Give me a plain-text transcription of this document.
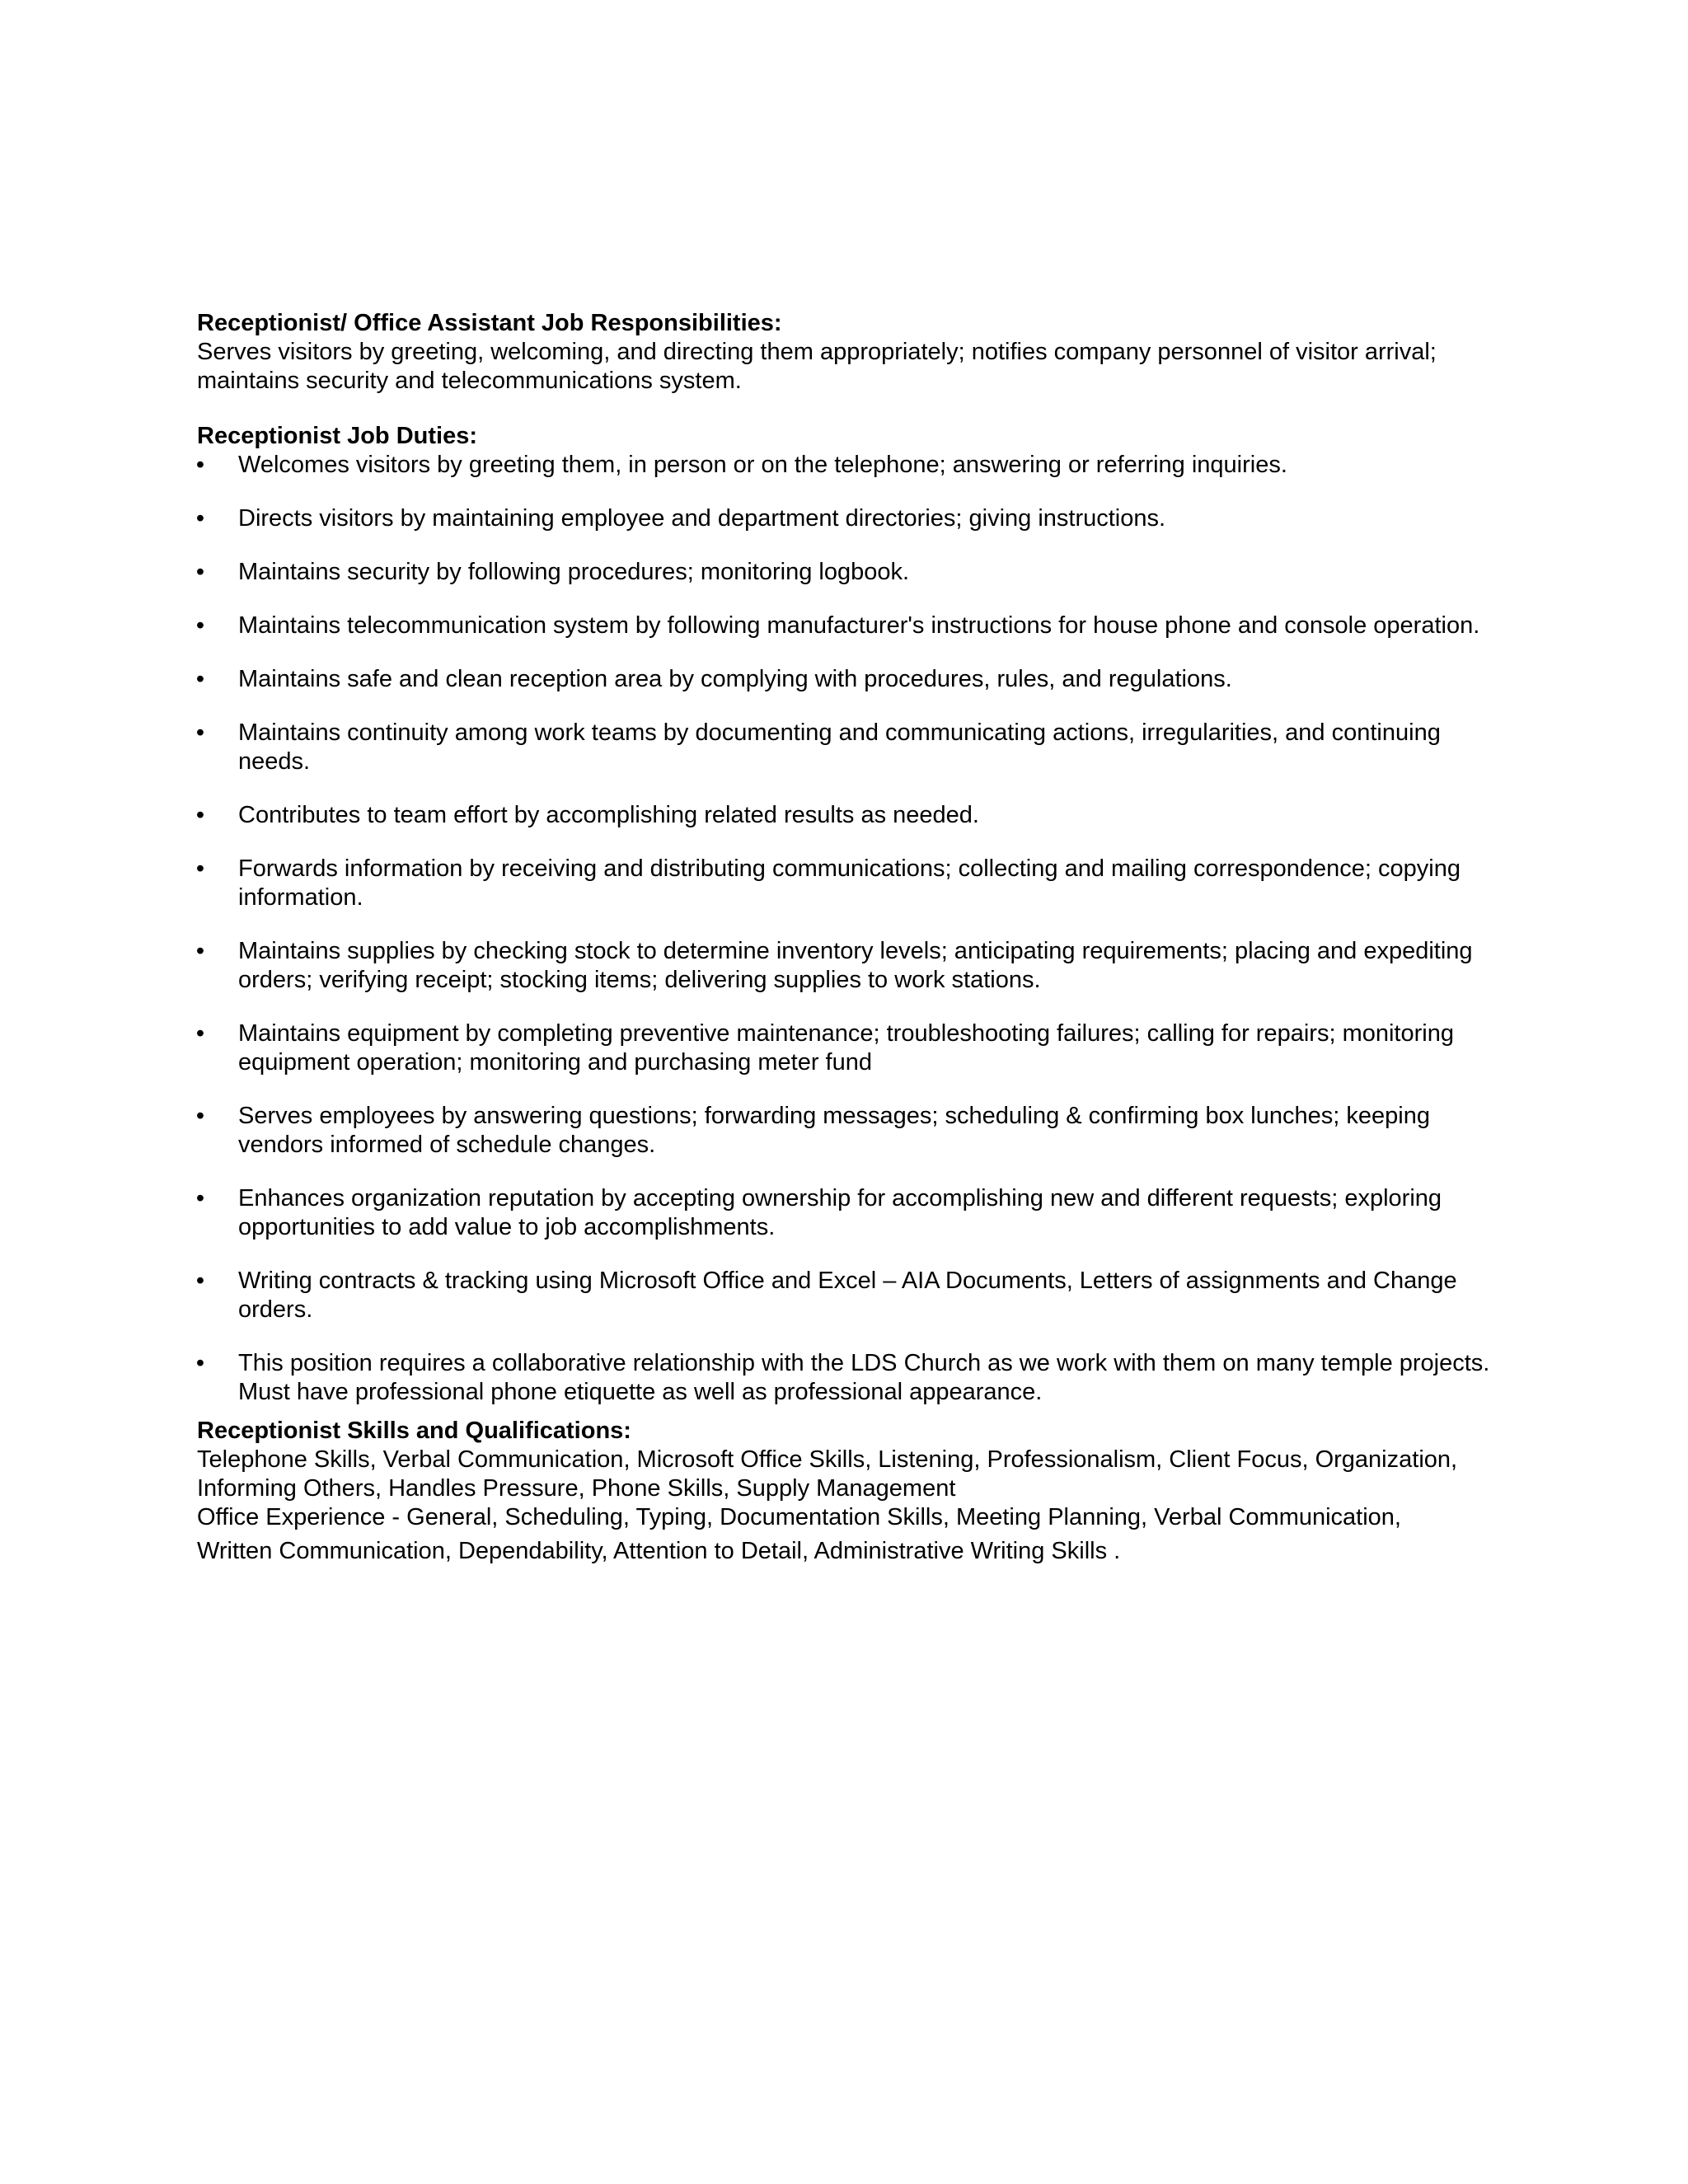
Receptionist/ Office Assistant Job Responsibilities:

Serves visitors by greeting, welcoming, and directing them appropriately; notifies company personnel of visitor arrival; maintains security and telecommunications system.

Receptionist Job Duties:

• Welcomes visitors by greeting them, in person or on the telephone; answering or referring inquiries.
• Directs visitors by maintaining employee and department directories; giving instructions.
• Maintains security by following procedures; monitoring logbook.
• Maintains telecommunication system by following manufacturer's instructions for house phone and console operation.
• Maintains safe and clean reception area by complying with procedures, rules, and regulations.
• Maintains continuity among work teams by documenting and communicating actions, irregularities, and continuing needs.
• Contributes to team effort by accomplishing related results as needed.
• Forwards information by receiving and distributing communications; collecting and mailing correspondence; copying information.
• Maintains supplies by checking stock to determine inventory levels; anticipating requirements; placing and expediting orders; verifying receipt; stocking items; delivering supplies to work stations.
• Maintains equipment by completing preventive maintenance; troubleshooting failures; calling for repairs; monitoring equipment operation; monitoring and purchasing meter fund
• Serves employees by answering questions; forwarding messages; scheduling & confirming box lunches; keeping vendors informed of schedule changes.
• Enhances organization reputation by accepting ownership for accomplishing new and different requests; exploring opportunities to add value to job accomplishments.
• Writing contracts & tracking using Microsoft Office and Excel – AIA Documents, Letters of assignments and Change orders.
• This position requires a collaborative relationship with the LDS Church as we work with them on many temple projects. Must have professional phone etiquette as well as professional appearance.

Receptionist Skills and Qualifications:

Telephone Skills, Verbal Communication, Microsoft Office Skills, Listening, Professionalism, Client Focus, Organization, Informing Others, Handles Pressure, Phone Skills, Supply Management

Office Experience - General, Scheduling, Typing, Documentation Skills, Meeting Planning, Verbal Communication,

Written Communication, Dependability, Attention to Detail, Administrative Writing Skills .
